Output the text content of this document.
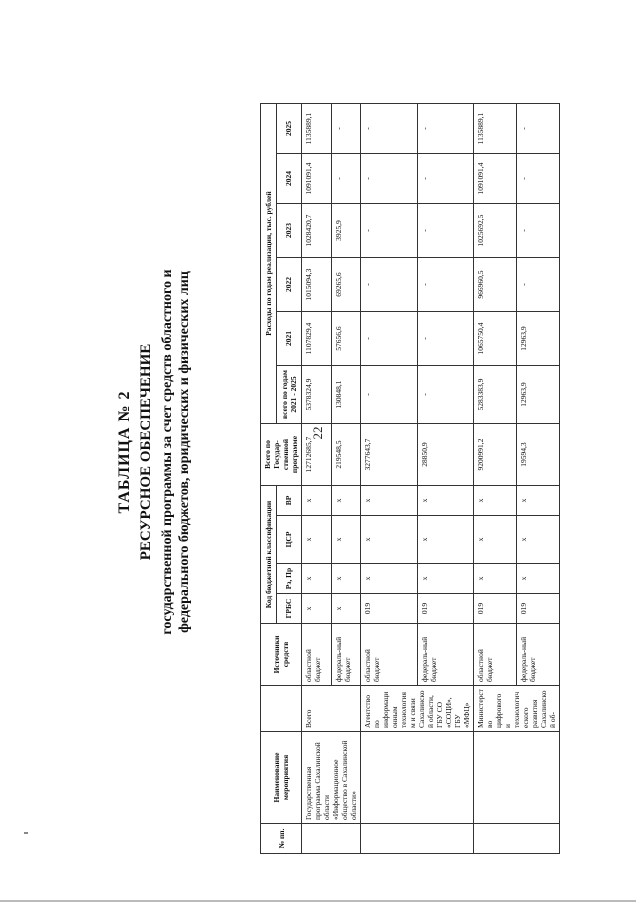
22
ТАБЛИЦА № 2 РЕСУРСНОЕ ОБЕСПЕЧЕНИЕ государственной программы за счет средств областного и федерального бюджетов, юридических и физических лиц
№ пп.	Наименование мероприятия		Источники средств	Код бюджетной классификации				Всего по Государ-ственной программе	Расходы по годам реализации, тыс. рублей					
				ГРБС	Рз, Пр	ЦСР	ВР		всего по годам 2021 - 2025	2021	2022	2023	2024	2025
	Государственная программа Сахалинской области «Информационное общество в Сахалинской области»	Всего	областной бюджет	x	x	x	x	12712685,7	5378324,9	1107829,4	1015094,3	1028420,7	1091091,4	1135889,1
			федераль-ный бюджет	x	x	x	x	219548,5	130848,1	57656,6	69265,6	3925,9	-	-
		Агентство по информационным технологиям и связи Сахалинской области, ГБУ СО «СОЦИ», ГБУ «МФЦ»	областной бюджет	019	x	x	x	3277643,7	-	-	-	-	-	-
			федераль-ный бюджет	019	x	x	x	28850,9	-	-	-	-	-	-
		Министерство цифрового и технологического развития Сахалинской об-	областной бюджет	019	x	x	x	9200991,2	5283383,9	1065750,4	966960,5	1025692,5	1091091,4	1135889,1
			федераль-ный бюджет	019	x	x	x	19594,3	12963,9	12963,9	-	-	-	-
